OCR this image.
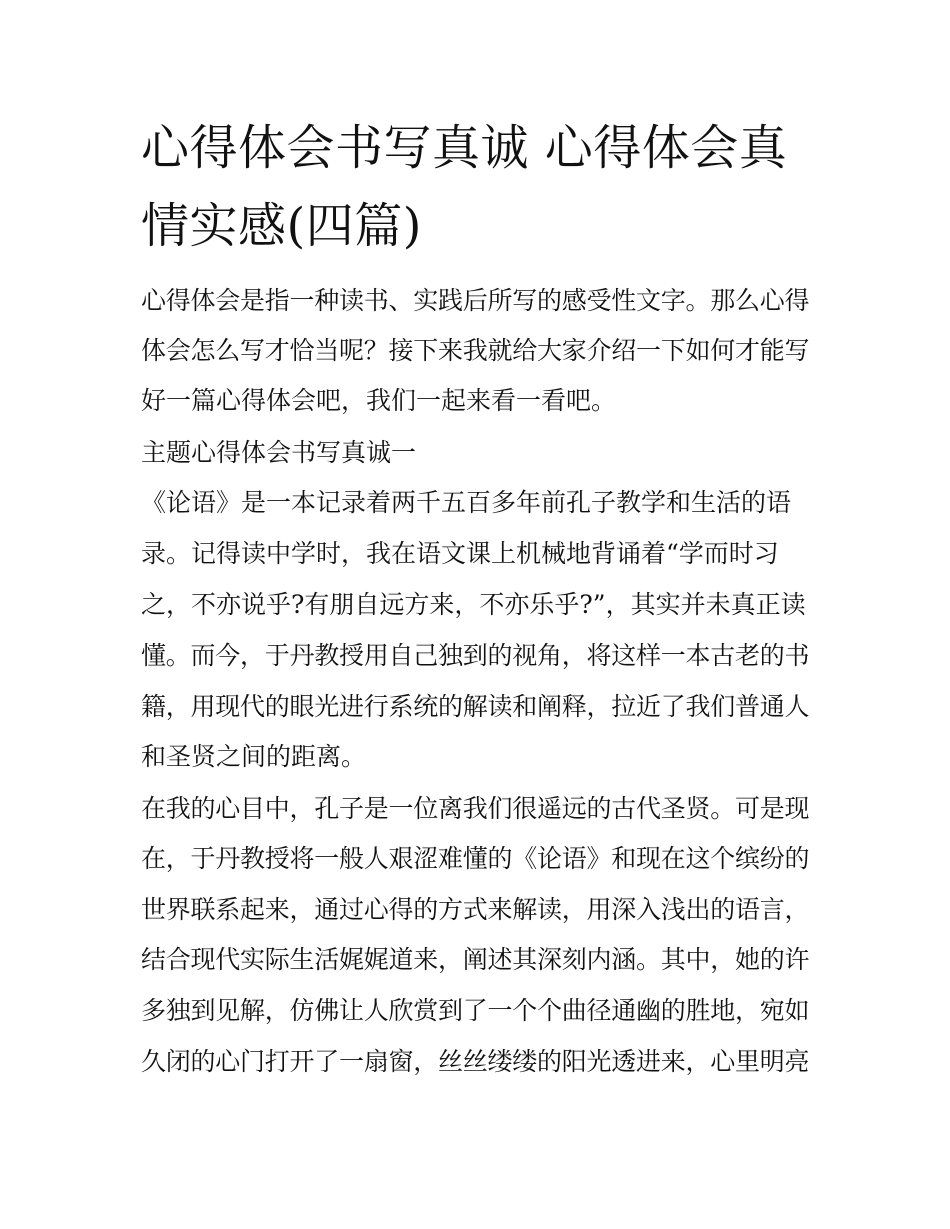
心得体会书写真诚 心得体会真
情实感(四篇)

心得体会是指一种读书、实践后所写的感受性文字。那么心得

体会怎么写才恰当呢？接下来我就给大家介绍一下如何才能写

好一篇心得体会吧，我们一起来看一看吧。

主题心得体会书写真诚一

《论语》是一本记录着两千五百多年前孔子教学和生活的语

录。记得读中学时，我在语文课上机械地背诵着“学而时习

之，不亦说乎?有朋自远方来，不亦乐乎?”，其实并未真正读

懂。而今，于丹教授用自己独到的视角，将这样一本古老的书

籍，用现代的眼光进行系统的解读和阐释，拉近了我们普通人

和圣贤之间的距离。

在我的心目中，孔子是一位离我们很遥远的古代圣贤。可是现

在，于丹教授将一般人艰涩难懂的《论语》和现在这个缤纷的

世界联系起来，通过心得的方式来解读，用深入浅出的语言，

结合现代实际生活娓娓道来，阐述其深刻内涵。其中，她的许

多独到见解，仿佛让人欣赏到了一个个曲径通幽的胜地，宛如

久闭的心门打开了一扇窗，丝丝缕缕的阳光透进来，心里明亮
